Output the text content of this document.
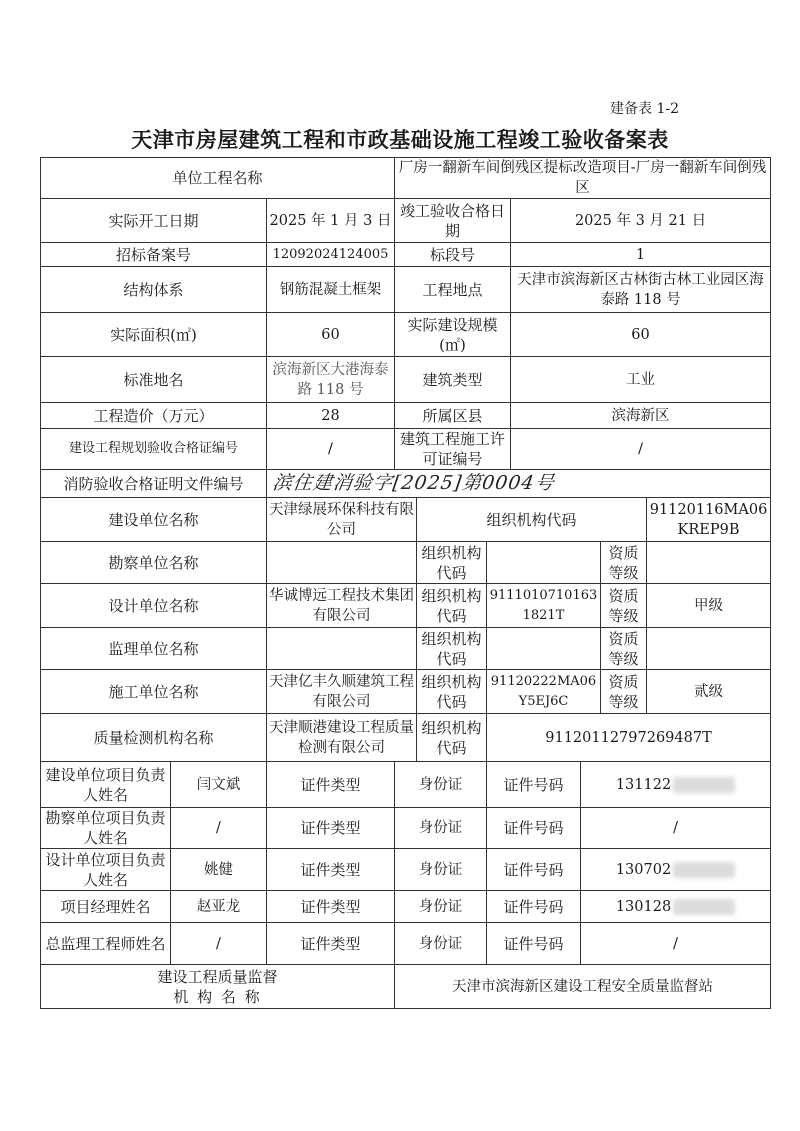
建备表 1-2
天津市房屋建筑工程和市政基础设施工程竣工验收备案表
单位工程名称			厂房一翻新车间倒残区提标改造项目-厂房一翻新车间倒残区						
实际开工日期		2025 年 1 月 3 日	竣工验收合格日期			2025 年 3 月 21 日			
招标备案号		12092024124005	标段号			1			
结构体系		钢筋混凝土框架	工程地点			天津市滨海新区古林街古林工业园区海泰路 118 号			
实际面积(㎡)		60	实际建设规模(㎡)			60			
标准地名		滨海新区大港海泰路 118 号	建筑类型			工业			
工程造价（万元）		28	所属区县			滨海新区			
建设工程规划验收合格证编号		/	建筑工程施工许可证编号			/			
消防验收合格证明文件编号		滨住建消验字[2025]第0004号							
建设单位名称		天津绿展环保科技有限公司		组织机构代码					91120116MA06KREP9B
勘察单位名称				组织机构代码				资质等级	
设计单位名称		华诚博远工程技术集团有限公司		组织机构代码	91110107101631821T			资质等级	甲级
监理单位名称				组织机构代码				资质等级	
施工单位名称		天津亿丰久顺建筑工程有限公司		组织机构代码	91120222MA06Y5EJ6C			资质等级	贰级
质量检测机构名称		天津顺港建设工程质量检测有限公司		组织机构代码	91120112797269487T				
建设单位项目负责人姓名	闫文斌	证件类型	身份证		证件号码		131122		
勘察单位项目负责人姓名	/	证件类型	身份证		证件号码		/		
设计单位项目负责人姓名	姚健	证件类型	身份证		证件号码		130702		
项目经理姓名	赵亚龙	证件类型	身份证		证件号码		130128		
总监理工程师姓名	/	证件类型	身份证		证件号码		/		

建设工程质量监督
机 构 名 称			天津市滨海新区建设工程安全质量监督站						
